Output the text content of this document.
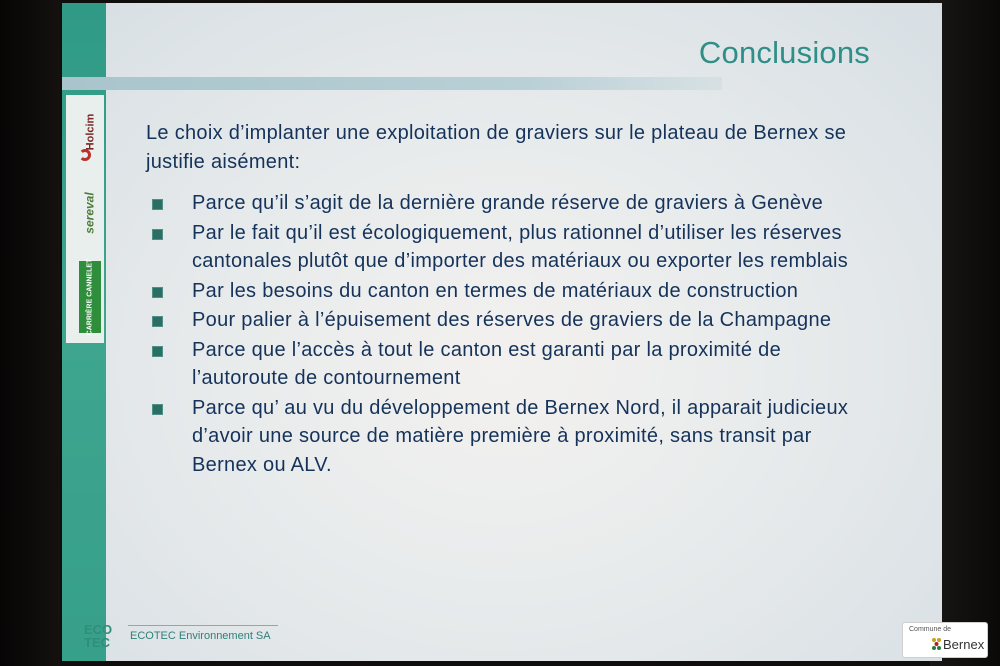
Holcim
sereval
CARRIÈRE CANNELET
Conclusions

Le choix d’implanter une exploitation de graviers sur le plateau de Bernex se justifie aisément:

Parce qu’il s’agit de la dernière grande réserve de graviers à Genève
Par le fait qu’il est écologiquement, plus rationnel d’utiliser les réserves cantonales plutôt que d’importer des matériaux ou exporter les remblais
Par les besoins du canton en termes de matériaux de construction
Pour palier à l’épuisement des réserves de graviers de la Champagne
Parce que l’accès à tout le canton est garanti par la proximité de l’autoroute de contournement
Parce qu’ au vu du développement de Bernex Nord, il apparait judicieux d’avoir une source de matière première à proximité, sans transit par Bernex ou ALV.
ECO
TEC	ECOTEC Environnement SA
Commune de
Bernex
